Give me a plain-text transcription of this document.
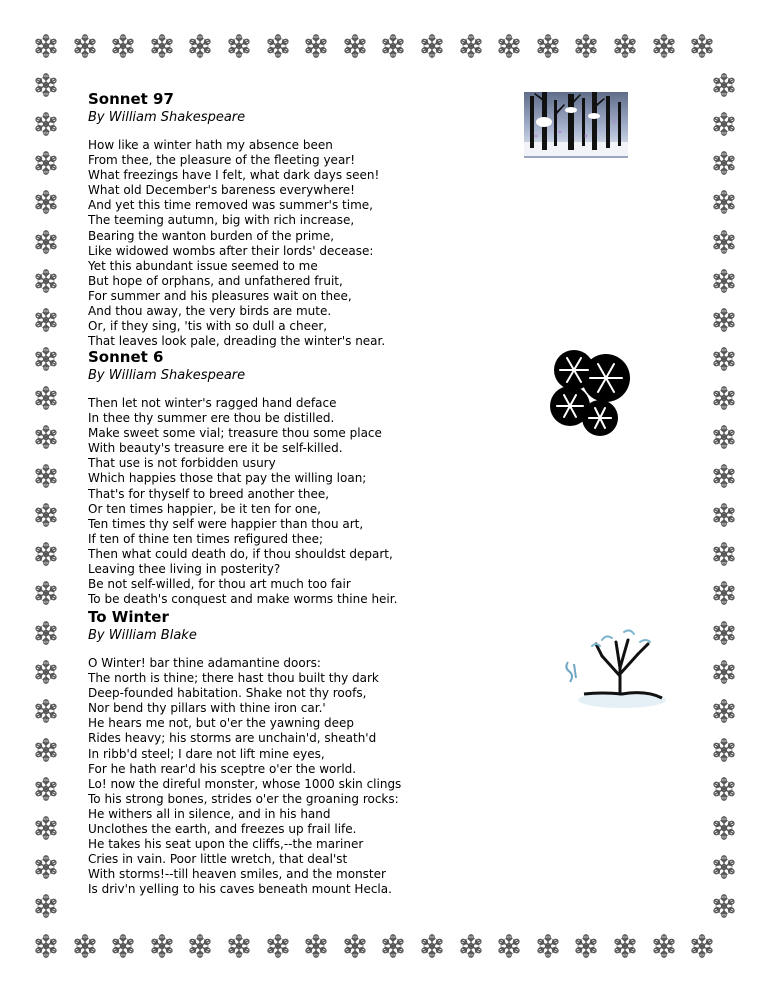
Sonnet 97
By William Shakespeare
How like a winter hath my absence been
From thee, the pleasure of the fleeting year!
What freezings have I felt, what dark days seen!
What old December's bareness everywhere!
And yet this time removed was summer's time,
The teeming autumn, big with rich increase,
Bearing the wanton burden of the prime,
Like widowed wombs after their lords' decease:
Yet this abundant issue seemed to me
But hope of orphans, and unfathered fruit,
For summer and his pleasures wait on thee,
And thou away, the very birds are mute.
Or, if they sing, 'tis with so dull a cheer,
That leaves look pale, dreading the winter's near.
Sonnet 6
By William Shakespeare
Then let not winter's ragged hand deface
In thee thy summer ere thou be distilled.
Make sweet some vial; treasure thou some place
With beauty's treasure ere it be self-killed.
That use is not forbidden usury
Which happies those that pay the willing loan;
That's for thyself to breed another thee,
Or ten times happier, be it ten for one,
Ten times thy self were happier than thou art,
If ten of thine ten times refigured thee;
Then what could death do, if thou shouldst depart,
Leaving thee living in posterity?
Be not self-willed, for thou art much too fair
To be death's conquest and make worms thine heir.
To Winter
By William Blake
O Winter! bar thine adamantine doors:
The north is thine; there hast thou built thy dark
Deep-founded habitation. Shake not thy roofs,
Nor bend thy pillars with thine iron car.'
He hears me not, but o'er the yawning deep
Rides heavy; his storms are unchain'd, sheath'd
In ribb'd steel; I dare not lift mine eyes,
For he hath rear'd his sceptre o'er the world.
Lo! now the direful monster, whose 1000 skin clings
To his strong bones, strides o'er the groaning rocks:
He withers all in silence, and in his hand
Unclothes the earth, and freezes up frail life.
He takes his seat upon the cliffs,--the mariner
Cries in vain. Poor little wretch, that deal'st
With storms!--till heaven smiles, and the monster
Is driv'n yelling to his caves beneath mount Hecla.
